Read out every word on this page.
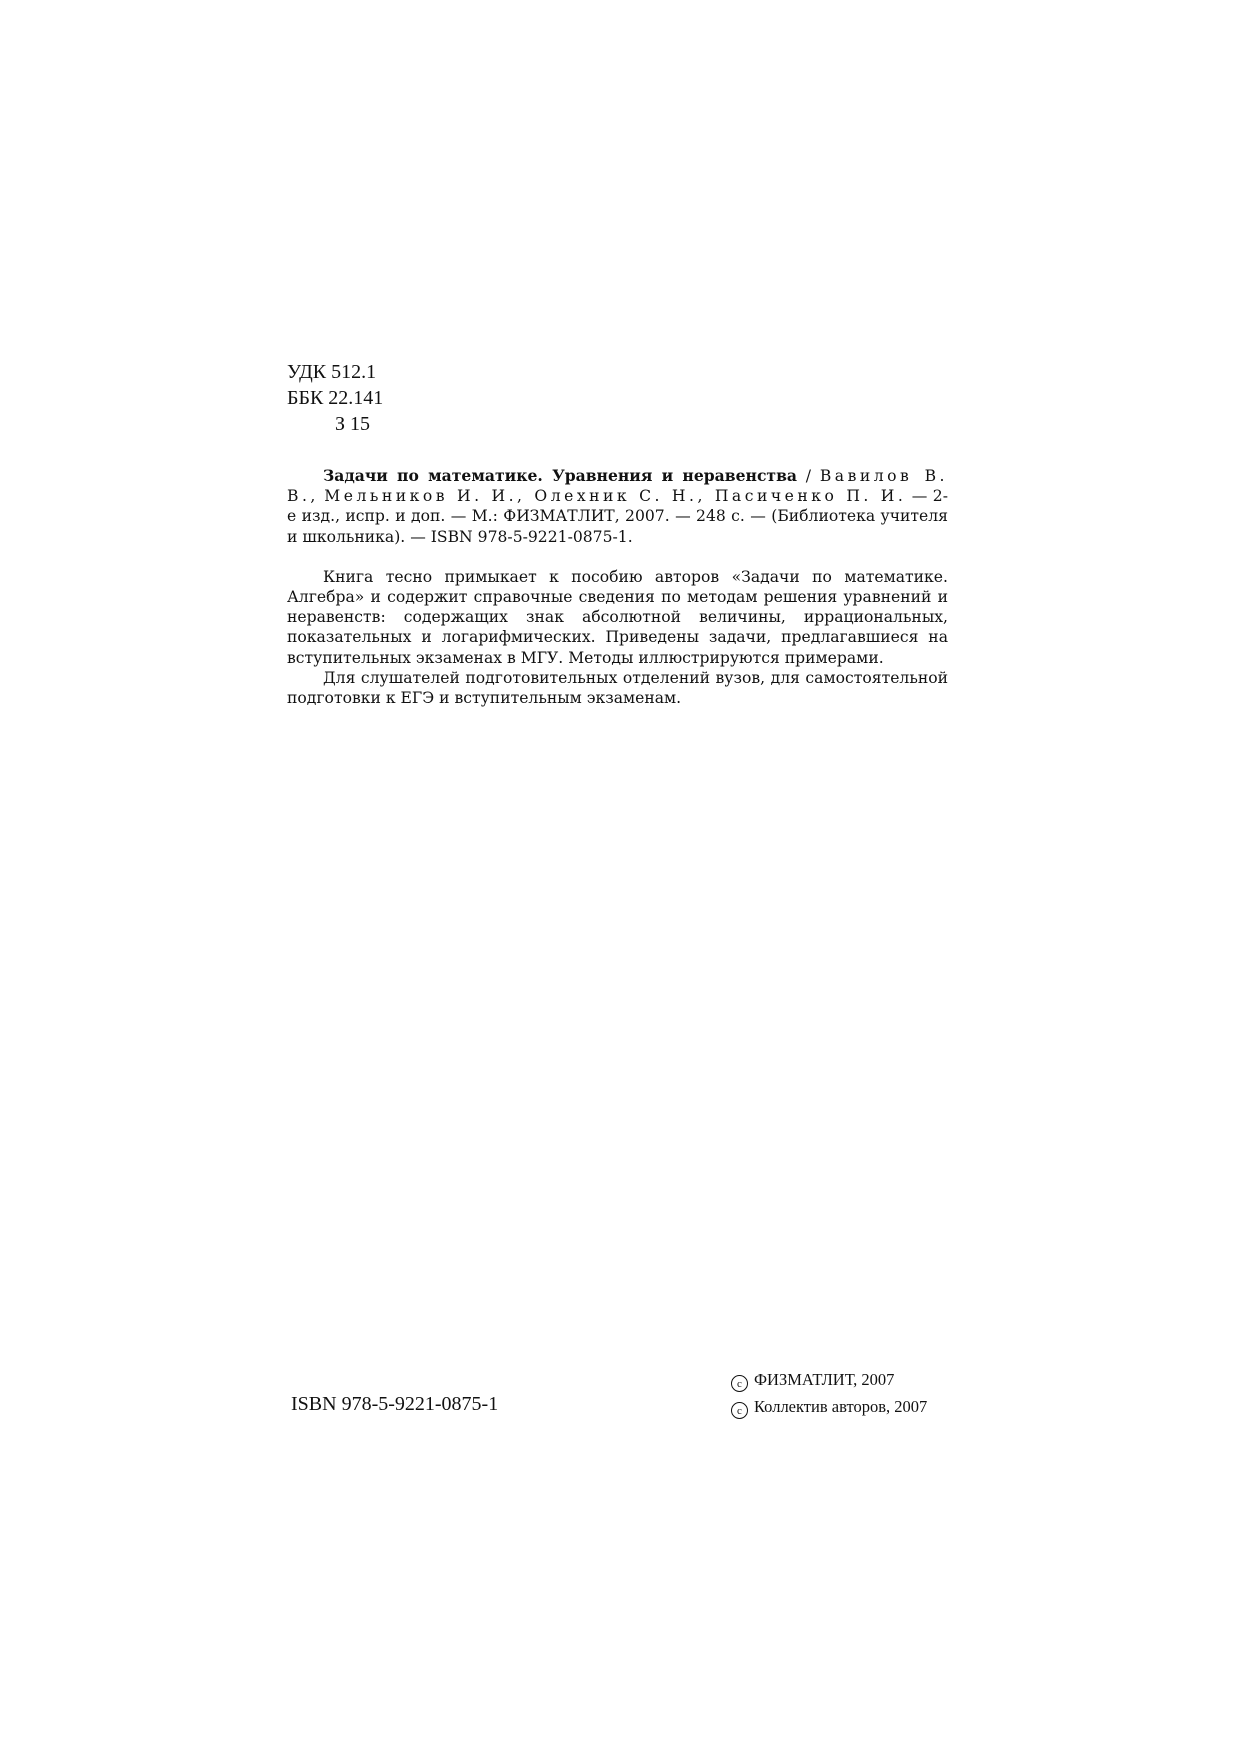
УДК 512.1
ББК 22.141
З 15

Задачи по математике. Уравнения и неравенства / Вавилов В. В., Мельников И. И., Олехник С. Н., Пасиченко П. И. — 2-е изд., испр. и доп. — М.: ФИЗМАТЛИТ, 2007. — 248 с. — (Библиотека учителя и школьника). — ISBN 978-5-9221-0875-1.

Книга тесно примыкает к пособию авторов «Задачи по математике. Алгебра» и содержит справочные сведения по методам решения уравнений и неравенств: содержащих знак абсолютной величины, иррациональных, показательных и логарифмических. Приведены задачи, предлагавшиеся на вступительных экзаменах в МГУ. Методы иллюстрируются примерами.

Для слушателей подготовительных отделений вузов, для самостоятельной подготовки к ЕГЭ и вступительным экзаменам.

ISBN 978-5-9221-0875-1
c ФИЗМАТЛИТ, 2007
c Коллектив авторов, 2007
